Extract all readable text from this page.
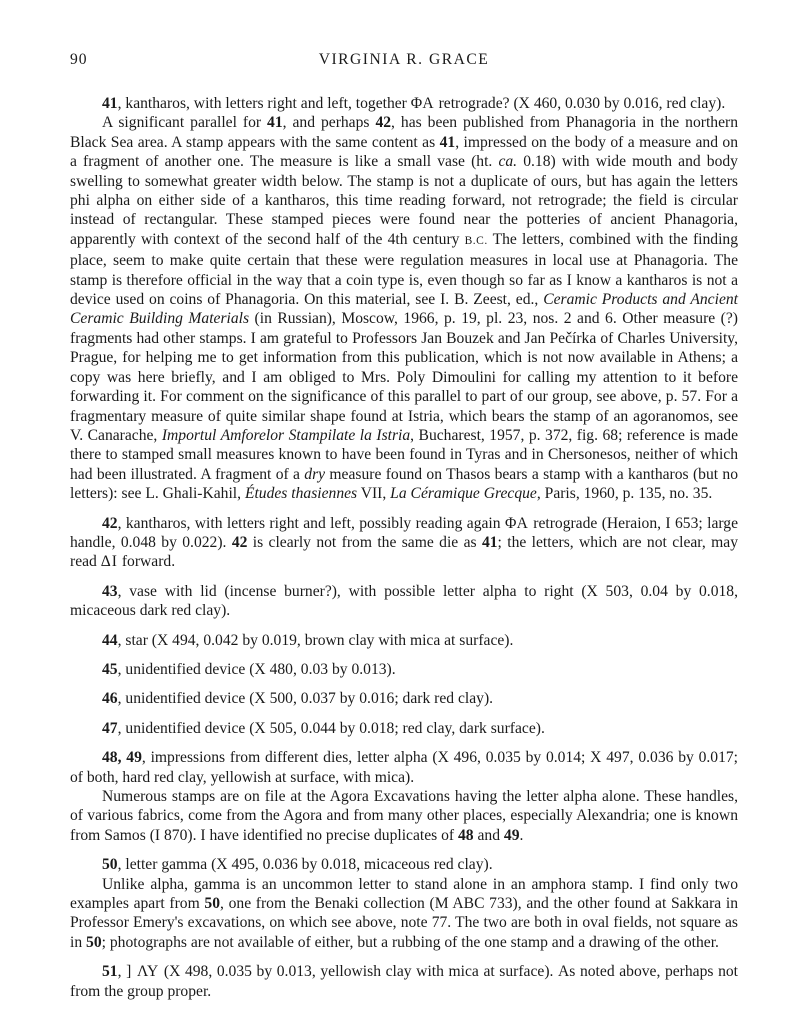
90	VIRGINIA R. GRACE

41, kantharos, with letters right and left, together ΦΑ retrograde? (X 460, 0.030 by 0.016, red clay).

A significant parallel for 41, and perhaps 42, has been published from Phanagoria in the northern Black Sea area. A stamp appears with the same content as 41, impressed on the body of a measure and on a fragment of another one. The measure is like a small vase (ht. ca. 0.18) with wide mouth and body swelling to somewhat greater width below. The stamp is not a duplicate of ours, but has again the letters phi alpha on either side of a kantharos, this time reading forward, not retrograde; the field is circular instead of rectangular. These stamped pieces were found near the potteries of ancient Phanagoria, apparently with context of the second half of the 4th century B.C. The letters, combined with the finding place, seem to make quite certain that these were regulation measures in local use at Phanagoria. The stamp is therefore official in the way that a coin type is, even though so far as I know a kantharos is not a device used on coins of Phanagoria. On this material, see I. B. Zeest, ed., Ceramic Products and Ancient Ceramic Building Materials (in Russian), Moscow, 1966, p. 19, pl. 23, nos. 2 and 6. Other measure (?) fragments had other stamps. I am grateful to Professors Jan Bouzek and Jan Pečírka of Charles University, Prague, for helping me to get information from this publication, which is not now available in Athens; a copy was here briefly, and I am obliged to Mrs. Poly Dimoulini for calling my attention to it before forwarding it. For comment on the significance of this parallel to part of our group, see above, p. 57. For a fragmentary measure of quite similar shape found at Istria, which bears the stamp of an agoranomos, see V. Canarache, Importul Amforelor Stampilate la Istria, Bucharest, 1957, p. 372, fig. 68; reference is made there to stamped small measures known to have been found in Tyras and in Chersonesos, neither of which had been illustrated. A fragment of a dry measure found on Thasos bears a stamp with a kantharos (but no letters): see L. Ghali-Kahil, Études thasiennes VII, La Céramique Grecque, Paris, 1960, p. 135, no. 35.

42, kantharos, with letters right and left, possibly reading again ΦΑ retrograde (Heraion, I 653; large handle, 0.048 by 0.022). 42 is clearly not from the same die as 41; the letters, which are not clear, may read ΔΙ forward.

43, vase with lid (incense burner?), with possible letter alpha to right (X 503, 0.04 by 0.018, micaceous dark red clay).

44, star (X 494, 0.042 by 0.019, brown clay with mica at surface).

45, unidentified device (X 480, 0.03 by 0.013).

46, unidentified device (X 500, 0.037 by 0.016; dark red clay).

47, unidentified device (X 505, 0.044 by 0.018; red clay, dark surface).

48, 49, impressions from different dies, letter alpha (X 496, 0.035 by 0.014; X 497, 0.036 by 0.017; of both, hard red clay, yellowish at surface, with mica).

Numerous stamps are on file at the Agora Excavations having the letter alpha alone. These handles, of various fabrics, come from the Agora and from many other places, especially Alexandria; one is known from Samos (I 870). I have identified no precise duplicates of 48 and 49.

50, letter gamma (X 495, 0.036 by 0.018, micaceous red clay).

Unlike alpha, gamma is an uncommon letter to stand alone in an amphora stamp. I find only two examples apart from 50, one from the Benaki collection (M ABC 733), and the other found at Sakkara in Professor Emery's excavations, on which see above, note 77. The two are both in oval fields, not square as in 50; photographs are not available of either, but a rubbing of the one stamp and a drawing of the other.

51, ] ΛΥ (X 498, 0.035 by 0.013, yellowish clay with mica at surface). As noted above, perhaps not from the group proper.
